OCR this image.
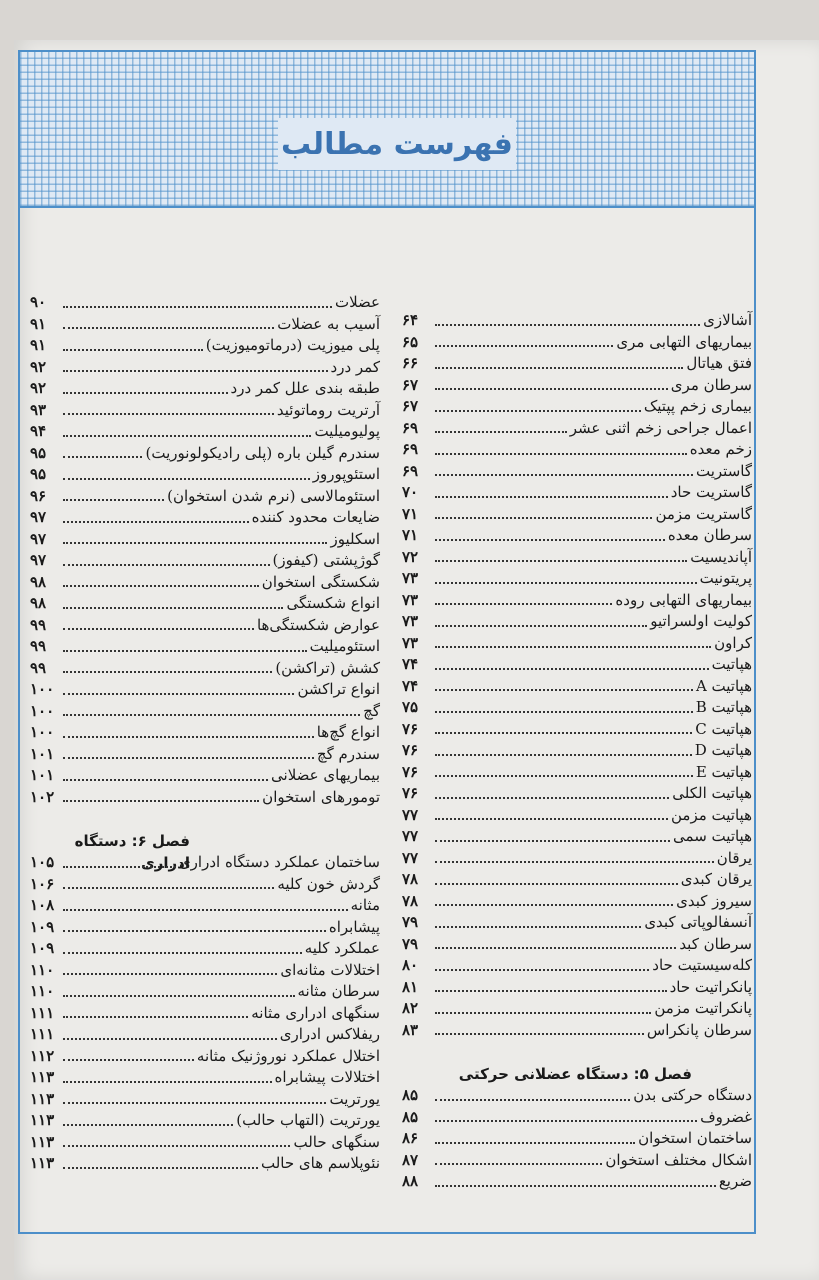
فهرست مطالب
آشالازی
۶۴
بیماریهای التهابی مری
۶۵
فتق هیاتال
۶۶
سرطان مری
۶۷
بیماری زخم پپتیک
۶۷
اعمال جراحی زخم اثنی عشر
۶۹
زخم معده
۶۹
گاستریت
۶۹
گاستریت حاد
۷۰
گاستریت مزمن
۷۱
سرطان معده
۷۱
آپاندیسیت
۷۲
پریتونیت
۷۳
بیماریهای التهابی روده
۷۳
کولیت اولسراتیو
۷۳
کراون
۷۳
هپاتیت
۷۴
هپاتیت A
۷۴
هپاتیت B
۷۵
هپاتیت C
۷۶
هپاتیت D
۷۶
هپاتیت E
۷۶
هپاتیت الکلی
۷۶
هپاتیت مزمن
۷۷
هپاتیت سمی
۷۷
یرقان
۷۷
یرقان کبدی
۷۸
سیروز کبدی
۷۸
آنسفالوپاتی کبدی
۷۹
سرطان کبد
۷۹
کله‌سیستیت حاد
۸۰
پانکراتیت حاد
۸۱
پانکراتیت مزمن
۸۲
سرطان پانکراس
۸۳
فصل ۵: دستگاه عضلانی حرکتی
دستگاه حرکتی بدن
۸۵
غضروف
۸۵
ساختمان استخوان
۸۶
اشکال مختلف استخوان
۸۷
ضریع
۸۸
عضلات
۹۰
آسیب به عضلات
۹۱
پلی میوزیت (درماتومیوزیت)
۹۱
کمر درد
۹۲
طبقه بندی علل کمر درد
۹۲
آرتریت روماتوئید
۹۳
پولیومیلیت
۹۴
سندرم گیلن باره (پلی رادیکولونوریت)
۹۵
استئوپوروز
۹۵
استئومالاسی (نرم شدن استخوان)
۹۶
ضایعات محدود کننده
۹۷
اسکلیوز
۹۷
گوژپشتی (کیفوز)
۹۷
شکستگی استخوان
۹۸
انواع شکستگی
۹۸
عوارض شکستگی‌ها
۹۹
استئومیلیت
۹۹
کشش (تراکشن)
۹۹
انواع تراکشن
۱۰۰
گچ
۱۰۰
انواع گچ‌ها
۱۰۰
سندرم گچ
۱۰۱
بیماریهای عضلانی
۱۰۱
تومورهای استخوان
۱۰۲
فصل ۶: دستگاه ادراری
ساختمان عملکرد دستگاه ادراری
۱۰۵
گردش خون کلیه
۱۰۶
مثانه
۱۰۸
پیشابراه
۱۰۹
عملکرد کلیه
۱۰۹
اختلالات مثانه‌ای
۱۱۰
سرطان مثانه
۱۱۰
سنگهای ادراری مثانه
۱۱۱
ریفلاکس ادراری
۱۱۱
اختلال عملکرد نوروژنیک مثانه
۱۱۲
اختلالات پیشابراه
۱۱۳
یورتریت
۱۱۳
یورتریت (التهاب حالب)
۱۱۳
سنگهای حالب
۱۱۳
نئوپلاسم های حالب
۱۱۳
